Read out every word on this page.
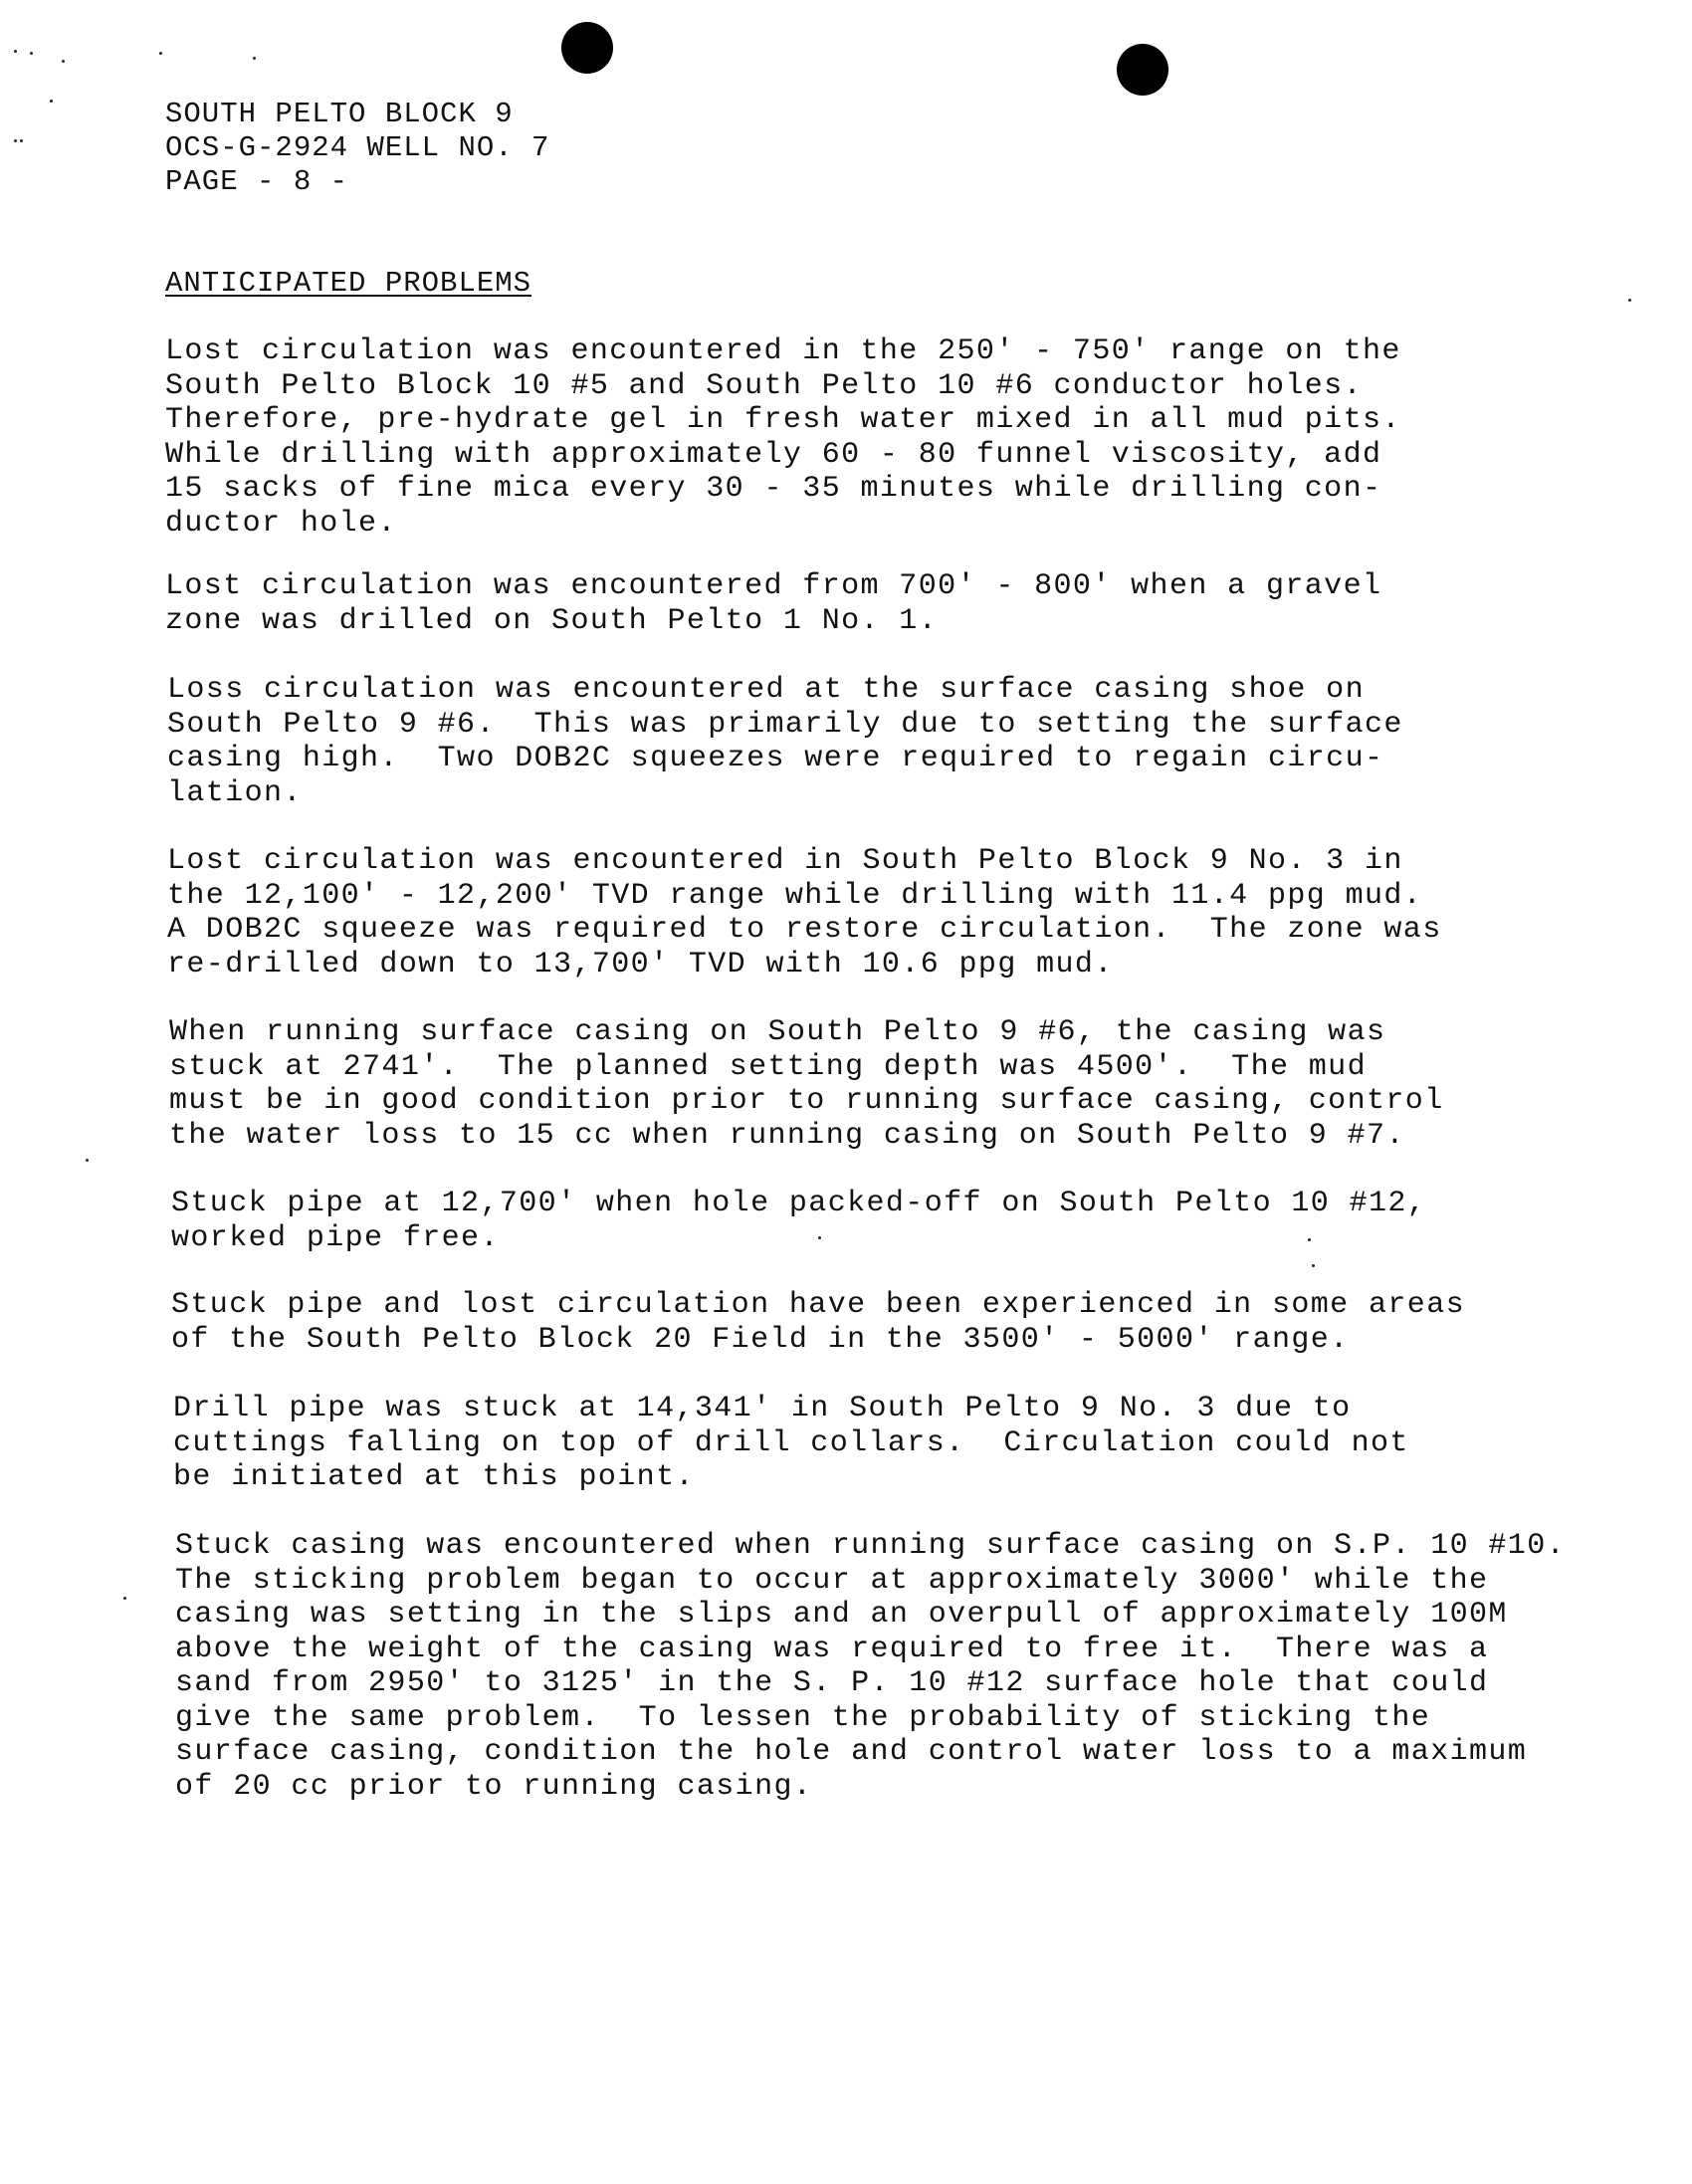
SOUTH PELTO BLOCK 9
OCS-G-2924 WELL NO. 7
PAGE - 8 -
ANTICIPATED PROBLEMS
Lost circulation was encountered in the 250' - 750' range on the
South Pelto Block 10 #5 and South Pelto 10 #6 conductor holes.
Therefore, pre-hydrate gel in fresh water mixed in all mud pits.
While drilling with approximately 60 - 80 funnel viscosity, add
15 sacks of fine mica every 30 - 35 minutes while drilling con-
ductor hole.
Lost circulation was encountered from 700' - 800' when a gravel
zone was drilled on South Pelto 1 No. 1.
Loss circulation was encountered at the surface casing shoe on
South Pelto 9 #6.  This was primarily due to setting the surface
casing high.  Two DOB2C squeezes were required to regain circu-
lation.
Lost circulation was encountered in South Pelto Block 9 No. 3 in
the 12,100' - 12,200' TVD range while drilling with 11.4 ppg mud.
A DOB2C squeeze was required to restore circulation.  The zone was
re-drilled down to 13,700' TVD with 10.6 ppg mud.
When running surface casing on South Pelto 9 #6, the casing was
stuck at 2741'.  The planned setting depth was 4500'.  The mud
must be in good condition prior to running surface casing, control
the water loss to 15 cc when running casing on South Pelto 9 #7.
Stuck pipe at 12,700' when hole packed-off on South Pelto 10 #12,
worked pipe free.
Stuck pipe and lost circulation have been experienced in some areas
of the South Pelto Block 20 Field in the 3500' - 5000' range.
Drill pipe was stuck at 14,341' in South Pelto 9 No. 3 due to
cuttings falling on top of drill collars.  Circulation could not
be initiated at this point.
Stuck casing was encountered when running surface casing on S.P. 10 #10.
The sticking problem began to occur at approximately 3000' while the
casing was setting in the slips and an overpull of approximately 100M
above the weight of the casing was required to free it.  There was a
sand from 2950' to 3125' in the S. P. 10 #12 surface hole that could
give the same problem.  To lessen the probability of sticking the
surface casing, condition the hole and control water loss to a maximum
of 20 cc prior to running casing.
